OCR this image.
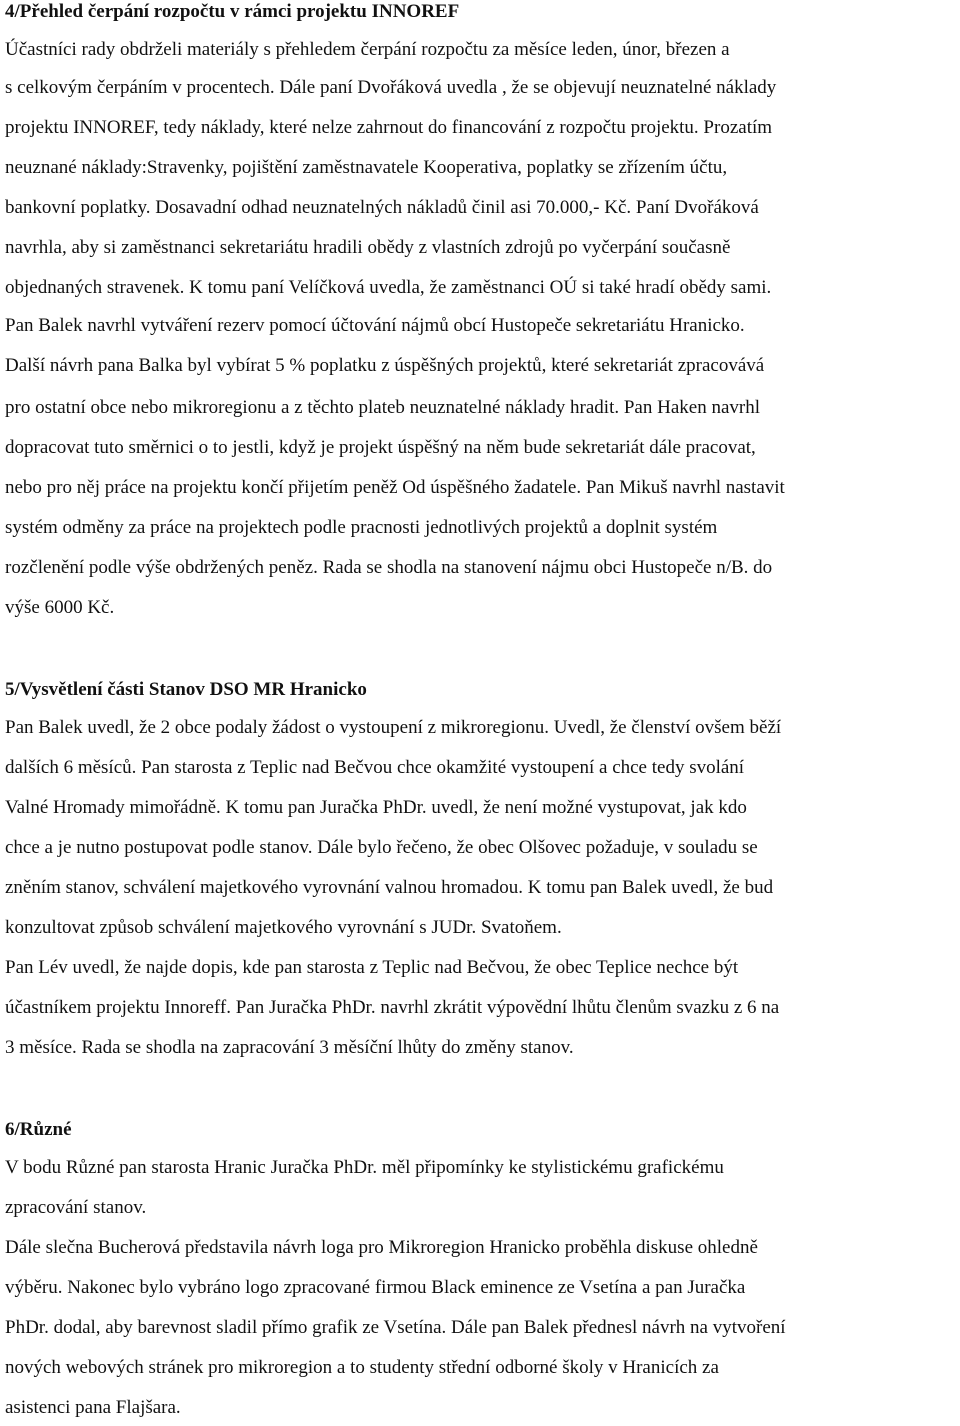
4/Přehled čerpání rozpočtu v rámci projektu INNOREF
Účastníci rady obdrželi materiály s přehledem čerpání rozpočtu za měsíce leden, únor, březen a
s celkovým čerpáním v procentech. Dále paní Dvořáková uvedla , že se objevují neuznatelné náklady
projektu INNOREF, tedy náklady, které nelze zahrnout do financování z rozpočtu projektu. Prozatím
neuznané náklady:Stravenky, pojištění zaměstnavatele Kooperativa, poplatky se zřízením účtu,
bankovní poplatky. Dosavadní odhad neuznatelných nákladů činil asi 70.000,- Kč. Paní Dvořáková
navrhla, aby si zaměstnanci sekretariátu hradili obědy z vlastních zdrojů po vyčerpání současně
objednaných stravenek. K tomu paní Velíčková uvedla, že zaměstnanci OÚ si také hradí obědy sami.
Pan Balek navrhl vytváření rezerv pomocí účtování nájmů obcí Hustopeče sekretariátu Hranicko.
Další návrh pana Balka byl vybírat 5 % poplatku z úspěšných projektů, které sekretariát zpracovává
pro ostatní obce nebo mikroregionu a z těchto plateb neuznatelné náklady hradit. Pan Haken navrhl
dopracovat tuto směrnici o to jestli, když je projekt úspěšný na něm bude sekretariát dále pracovat,
nebo pro něj práce na projektu končí přijetím peněž Od úspěšného žadatele. Pan Mikuš navrhl nastavit
systém odměny za práce na projektech podle pracnosti jednotlivých projektů a doplnit systém
rozčlenění podle výše obdržených peněz. Rada se shodla na stanovení nájmu obci Hustopeče n/B. do
výše 6000 Kč.
5/Vysvětlení části Stanov DSO MR Hranicko
Pan Balek uvedl, že 2 obce podaly žádost o vystoupení z mikroregionu. Uvedl, že členství ovšem běží
dalších 6 měsíců. Pan starosta z Teplic nad Bečvou chce okamžité vystoupení a chce tedy svolání
Valné Hromady mimořádně. K tomu pan Juračka PhDr. uvedl, že není možné vystupovat, jak kdo
chce a je nutno postupovat podle stanov. Dále bylo řečeno, že obec Olšovec požaduje, v souladu se
zněním stanov, schválení majetkového vyrovnání valnou hromadou. K tomu pan Balek uvedl, že bud
konzultovat způsob schválení majetkového vyrovnání s JUDr. Svatoňem.
Pan Lév uvedl, že najde dopis, kde pan starosta z Teplic nad Bečvou, že obec Teplice nechce být
účastníkem projektu Innoreff. Pan Juračka PhDr. navrhl zkrátit výpovědní lhůtu členům svazku z 6 na
3 měsíce. Rada se shodla na zapracování 3 měsíční lhůty do změny stanov.
6/Různé
V bodu Různé pan starosta Hranic Juračka PhDr. měl připomínky ke stylistickému grafickému
zpracování stanov.
Dále slečna Bucherová představila návrh loga pro Mikroregion Hranicko proběhla diskuse ohledně
výběru. Nakonec bylo vybráno logo zpracované firmou Black eminence ze Vsetína a pan Juračka
PhDr. dodal, aby barevnost sladil přímo grafik ze Vsetína. Dále pan Balek přednesl návrh na vytvoření
nových webových stránek pro mikroregion a to studenty střední odborné školy v Hranicích za
asistenci pana Flajšara.
